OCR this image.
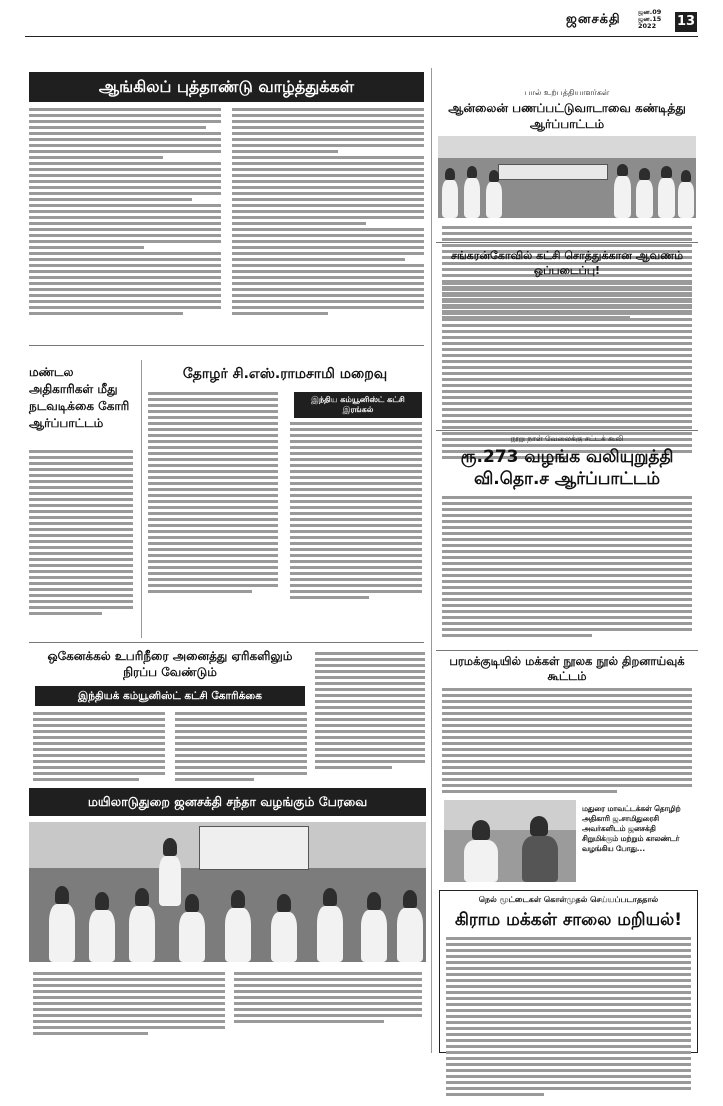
ஜனசக்தி	ஜன.09
ஜன.15
2022	13
ஆங்கிலப் புத்தாண்டு வாழ்த்துக்கள்	பால் உற்பத்தியாளர்கள்
ஆன்லைன் பணப்பட்டுவாடாவை கண்டித்து ஆர்ப்பாட்டம்
சங்கரன்கோவில் கட்சி சொத்துக்கான ஆவணம் ஒப்படைப்பு!
நூறு நாள் வேலைக்கு சட்டக் கூலி
ரூ.273 வழங்க வலியுறுத்தி வி.தொ.ச ஆர்ப்பாட்டம்
பரமக்குடியில் மக்கள் நூலக நூல் திறனாய்வுக் கூட்டம்
மதுரை மாவட்டக்கள் தொழிற் அதிகாரி ஜ.சாமிதுரைசி அவர்களிடம் ஜனசக்தி சிறுமிக்கும் மற்றும் காலண்டர் வழங்கிய போது...
நெல் மூட்டைகள் கொள்முதல் செய்யப்படாததால்
கிராம மக்கள் சாலை மறியல்!
மண்டல அதிகாரிகள் மீது நடவடிக்கை கோரி ஆர்ப்பாட்டம்
தோழர் சி.எஸ்.ராமசாமி மறைவு
இந்திய கம்யூனிஸ்ட் கட்சி இரங்கல்
ஒகேனக்கல் உபரிநீரை அனைத்து ஏரிகளிலும் நிரப்ப வேண்டும்
இந்தியக் கம்யூனிஸ்ட் கட்சி கோரிக்கை
மயிலாடுதுறை ஜனசக்தி சந்தா வழங்கும் பேரவை
